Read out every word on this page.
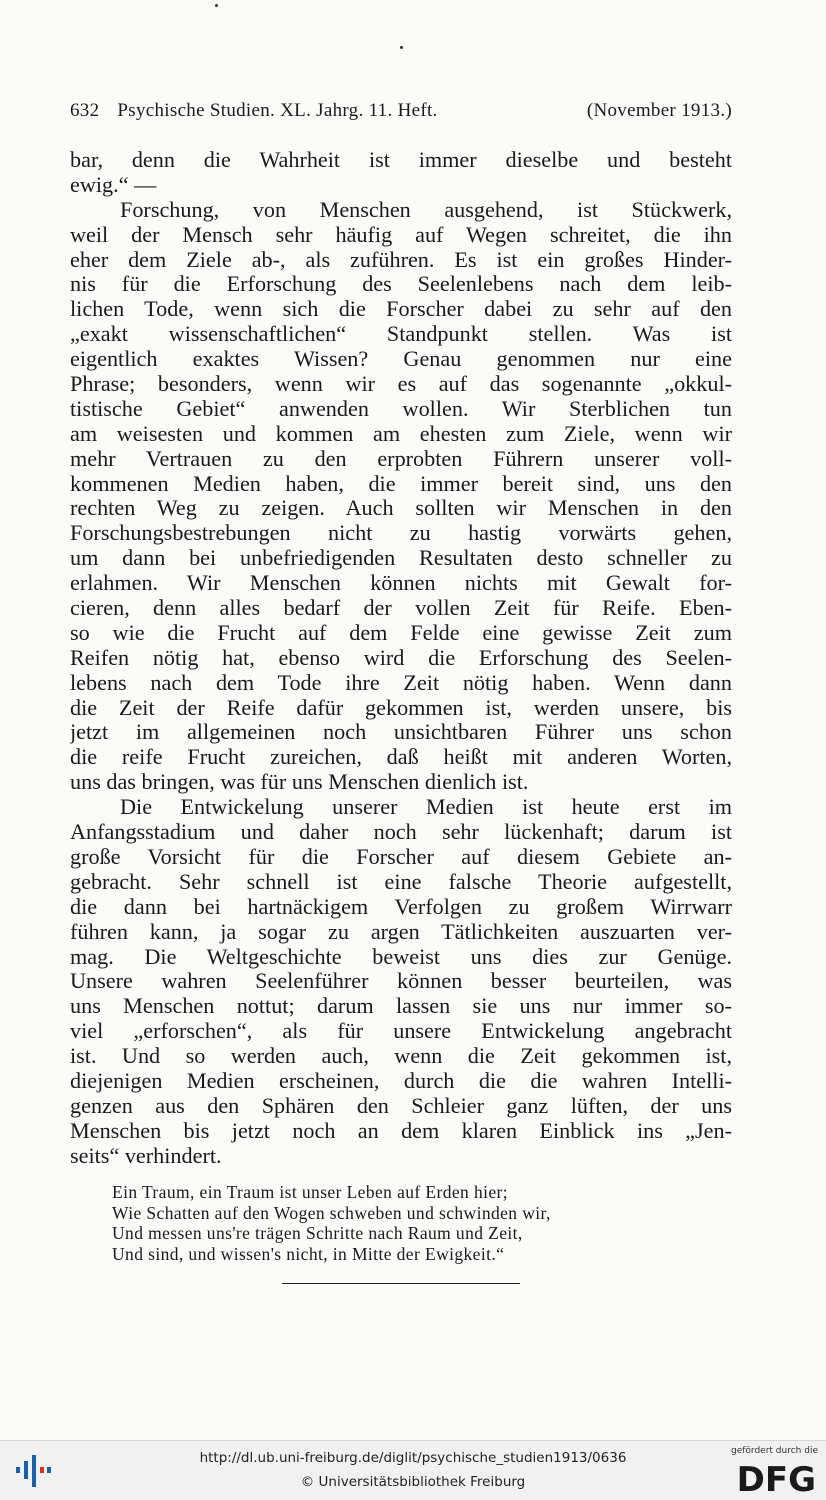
632 Psychische Studien. XL. Jahrg. 11. Heft.	(November 1913.)
bar, denn die Wahrheit ist immer dieselbe und besteht
ewig.“ —
Forschung, von Menschen ausgehend, ist Stückwerk,
weil der Mensch sehr häufig auf Wegen schreitet, die ihn
eher dem Ziele ab-, als zuführen. Es ist ein großes Hinder-
nis für die Erforschung des Seelenlebens nach dem leib-
lichen Tode, wenn sich die Forscher dabei zu sehr auf den
„exakt wissenschaftlichen“ Standpunkt stellen. Was ist
eigentlich exaktes Wissen? Genau genommen nur eine
Phrase; besonders, wenn wir es auf das sogenannte „okkul-
tistische Gebiet“ anwenden wollen. Wir Sterblichen tun
am weisesten und kommen am ehesten zum Ziele, wenn wir
mehr Vertrauen zu den erprobten Führern unserer voll-
kommenen Medien haben, die immer bereit sind, uns den
rechten Weg zu zeigen. Auch sollten wir Menschen in den
Forschungsbestrebungen nicht zu hastig vorwärts gehen,
um dann bei unbefriedigenden Resultaten desto schneller zu
erlahmen. Wir Menschen können nichts mit Gewalt for-
cieren, denn alles bedarf der vollen Zeit für Reife. Eben-
so wie die Frucht auf dem Felde eine gewisse Zeit zum
Reifen nötig hat, ebenso wird die Erforschung des Seelen-
lebens nach dem Tode ihre Zeit nötig haben. Wenn dann
die Zeit der Reife dafür gekommen ist, werden unsere, bis
jetzt im allgemeinen noch unsichtbaren Führer uns schon
die reife Frucht zureichen, daß heißt mit anderen Worten,
uns das bringen, was für uns Menschen dienlich ist.
Die Entwickelung unserer Medien ist heute erst im
Anfangsstadium und daher noch sehr lückenhaft; darum ist
große Vorsicht für die Forscher auf diesem Gebiete an-
gebracht. Sehr schnell ist eine falsche Theorie aufgestellt,
die dann bei hartnäckigem Verfolgen zu großem Wirrwarr
führen kann, ja sogar zu argen Tätlichkeiten auszuarten ver-
mag. Die Weltgeschichte beweist uns dies zur Genüge.
Unsere wahren Seelenführer können besser beurteilen, was
uns Menschen nottut; darum lassen sie uns nur immer so-
viel „erforschen“, als für unsere Entwickelung angebracht
ist. Und so werden auch, wenn die Zeit gekommen ist,
diejenigen Medien erscheinen, durch die die wahren Intelli-
genzen aus den Sphären den Schleier ganz lüften, der uns
Menschen bis jetzt noch an dem klaren Einblick ins „Jen-
seits“ verhindert.
Ein Traum, ein Traum ist unser Leben auf Erden hier;
Wie Schatten auf den Wogen schweben und schwinden wir,
Und messen uns're trägen Schritte nach Raum und Zeit,
Und sind, und wissen's nicht, in Mitte der Ewigkeit.“
http://dl.ub.uni-freiburg.de/diglit/psychische_studien1913/0636
© Universitätsbibliothek Freiburg
gefördert durch die
DFG
